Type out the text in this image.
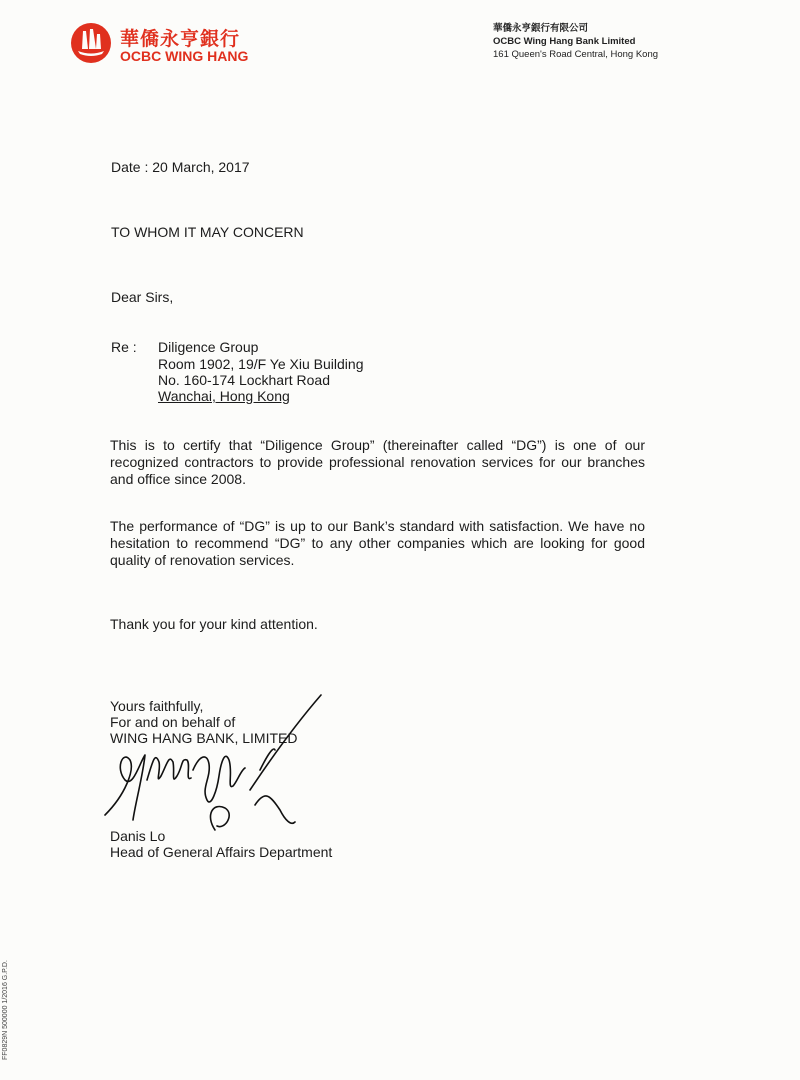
華僑永亨銀行
OCBC WING HANG
華僑永亨銀行有限公司
OCBC Wing Hang Bank Limited
161 Queen's Road Central, Hong Kong
Date : 20 March, 2017
TO WHOM IT MAY CONCERN
Dear Sirs,
Re : Diligence Group
Room 1902, 19/F Ye Xiu Building
No. 160-174 Lockhart Road
Wanchai, Hong Kong
This is to certify that “Diligence Group” (thereinafter called “DG”) is one of our recognized contractors to provide professional renovation services for our branches and office since 2008.
The performance of “DG” is up to our Bank’s standard with satisfaction. We have no hesitation to recommend “DG” to any other companies which are looking for good quality of renovation services.
Thank you for your kind attention.
Yours faithfully,
For and on behalf of
WING HANG BANK, LIMITED
Danis Lo
Head of General Affairs Department
FF0829N 500000 1/2016 G.P.D.
